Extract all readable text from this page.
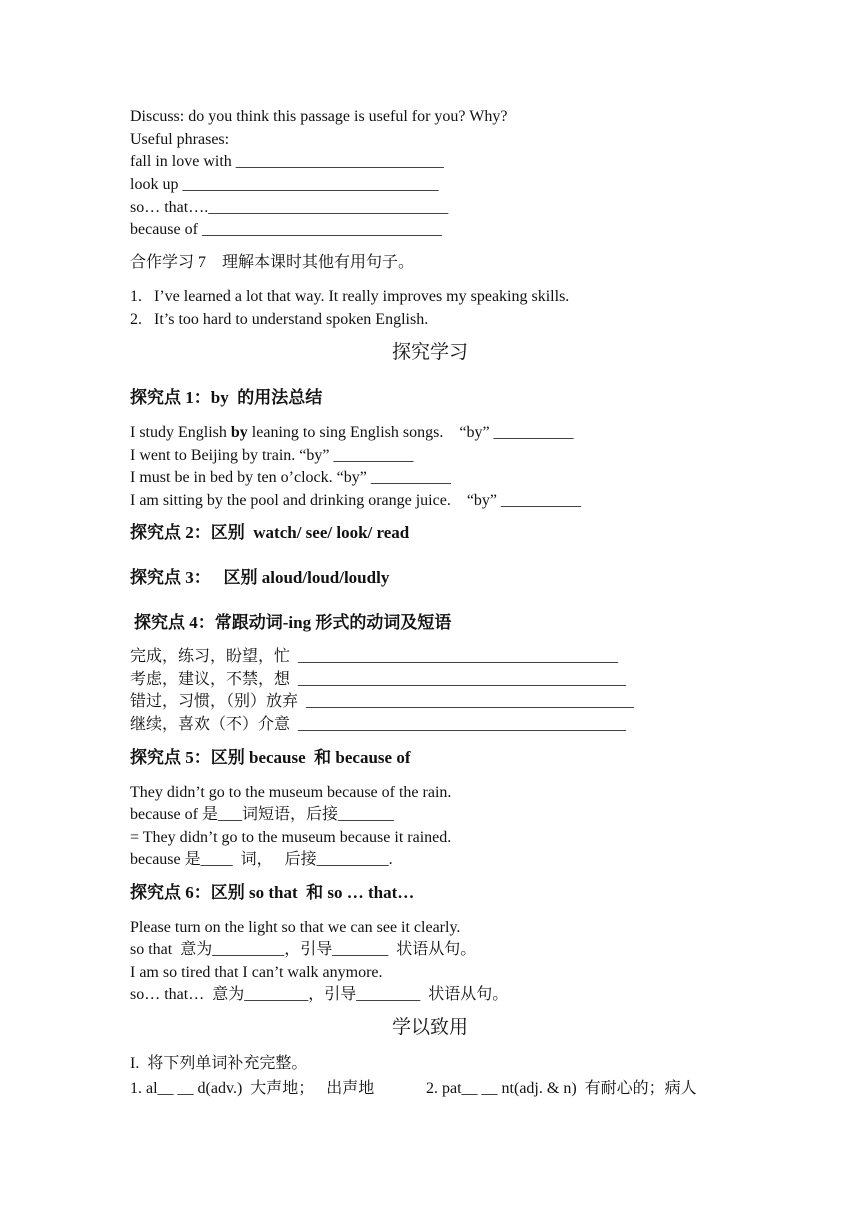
Discuss: do you think this passage is useful for you? Why?
Useful phrases:
fall in love with __________________________
look up ________________________________
so… that….______________________________
because of ______________________________
合作学习 7　理解本课时其他有用句子。
1.   I’ve learned a lot that way. It really improves my speaking skills.
2.   It’s too hard to understand spoken English.
探究学习
探究点 1：by  的用法总结
I study English by leaning to sing English songs.    “by” __________
I went to Beijing by train. “by” __________
I must be in bed by ten o’clock. “by” __________
I am sitting by the pool and drinking orange juice.    “by” __________
探究点 2：区别  watch/ see/ look/ read
探究点 3：   区别 aloud/loud/loudly
探究点 4：常跟动词-ing 形式的动词及短语
完成，练习，盼望，忙  ________________________________________
考虑，建议，不禁，想  _________________________________________
错过，习惯，（别）放弃  _________________________________________
继续，喜欢（不）介意  _________________________________________
探究点 5：区别 because  和 because of
They didn’t go to the museum because of the rain.
because of 是___词短语，后接_______
= They didn’t go to the museum because it rained.
because 是____  词，   后接_________.
探究点 6：区别 so that  和 so … that…
Please turn on the light so that we can see it clearly.
so that  意为_________，引导_______  状语从句。
I am so tired that I can’t walk anymore.
so… that…  意为________，引导________  状语从句。
学以致用
I.  将下列单词补充完整。
1. al__ __ d(adv.)  大声地；   出声地	2. pat__ __ nt(adj. & n)  有耐心的；病人
